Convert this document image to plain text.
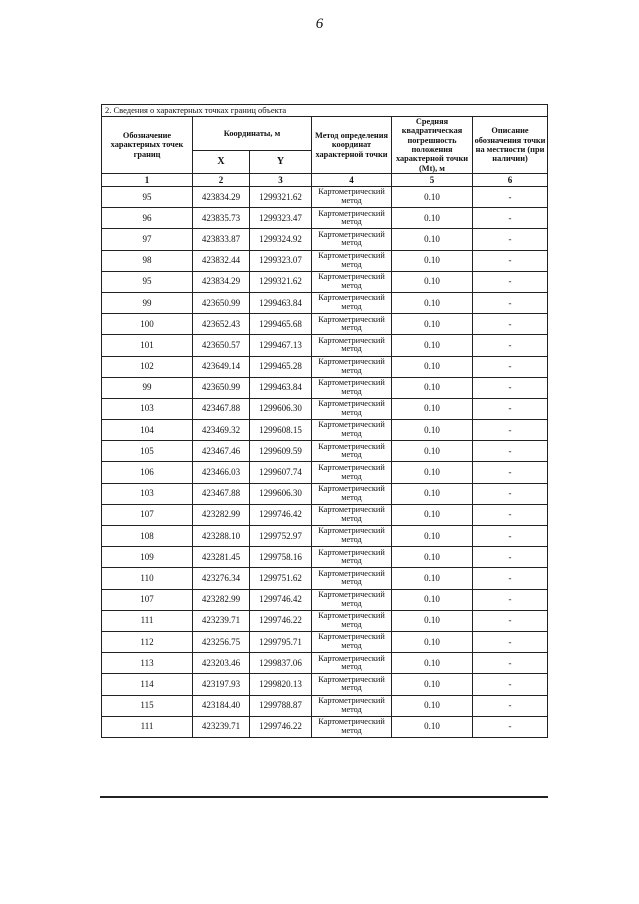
6
2. Сведения о характерных точках границ объекта					
Обозначение характерных точек границ	Координаты, м		Метод определения координат характерной точки	Средняя квадратическая погрешность положения характерной точки (Mt), м	Описание обозначения точки на местности (при наличии)
	X	Y			
1	2	3	4	5	6
95	423834.29	1299321.62	Картометрический метод	0.10	-
96	423835.73	1299323.47	Картометрический метод	0.10	-
97	423833.87	1299324.92	Картометрический метод	0.10	-
98	423832.44	1299323.07	Картометрический метод	0.10	-
95	423834.29	1299321.62	Картометрический метод	0.10	-
99	423650.99	1299463.84	Картометрический метод	0.10	-
100	423652.43	1299465.68	Картометрический метод	0.10	-
101	423650.57	1299467.13	Картометрический метод	0.10	-
102	423649.14	1299465.28	Картометрический метод	0.10	-
99	423650.99	1299463.84	Картометрический метод	0.10	-
103	423467.88	1299606.30	Картометрический метод	0.10	-
104	423469.32	1299608.15	Картометрический метод	0.10	-
105	423467.46	1299609.59	Картометрический метод	0.10	-
106	423466.03	1299607.74	Картометрический метод	0.10	-
103	423467.88	1299606.30	Картометрический метод	0.10	-
107	423282.99	1299746.42	Картометрический метод	0.10	-
108	423288.10	1299752.97	Картометрический метод	0.10	-
109	423281.45	1299758.16	Картометрический метод	0.10	-
110	423276.34	1299751.62	Картометрический метод	0.10	-
107	423282.99	1299746.42	Картометрический метод	0.10	-
111	423239.71	1299746.22	Картометрический метод	0.10	-
112	423256.75	1299795.71	Картометрический метод	0.10	-
113	423203.46	1299837.06	Картометрический метод	0.10	-
114	423197.93	1299820.13	Картометрический метод	0.10	-
115	423184.40	1299788.87	Картометрический метод	0.10	-
111	423239.71	1299746.22	Картометрический метод	0.10	-
